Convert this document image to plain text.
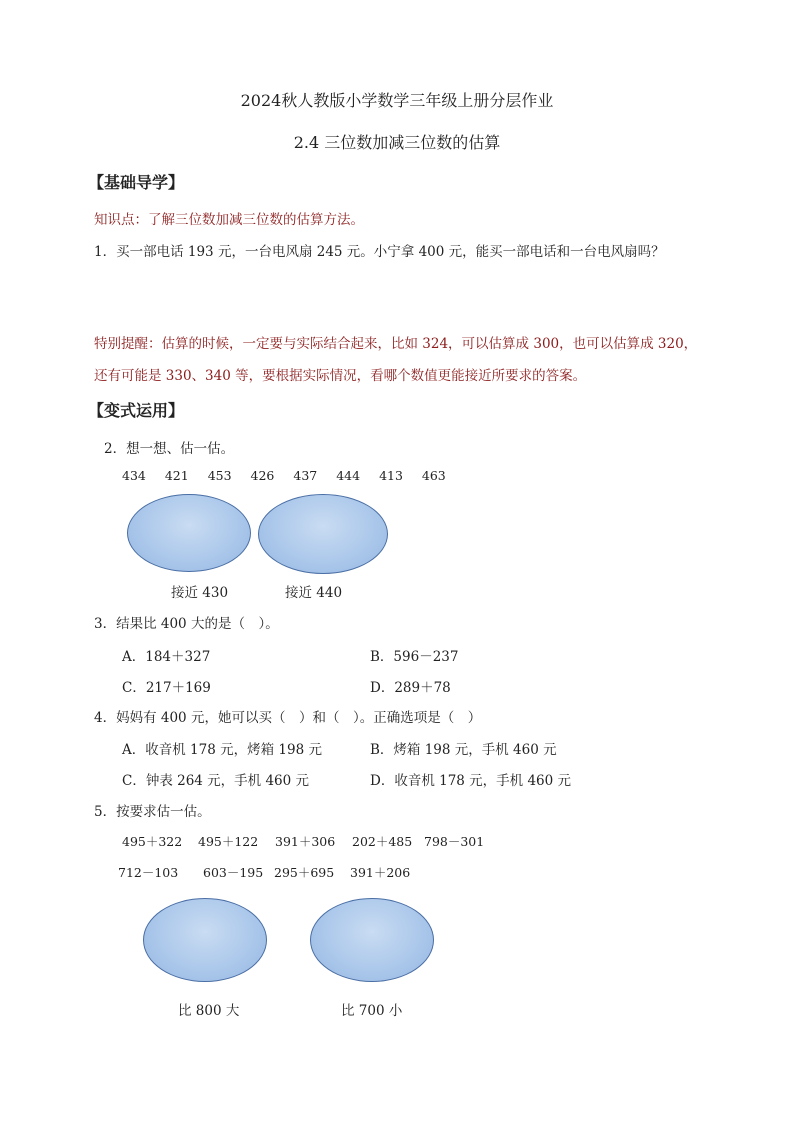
2024秋人教版小学数学三年级上册分层作业
2.4 三位数加减三位数的估算
【基础导学】
知识点：了解三位数加减三位数的估算方法。
1．买一部电话 193 元，一台电风扇 245 元。小宁拿 400 元，能买一部电话和一台电风扇吗？
特别提醒：估算的时候，一定要与实际结合起来，比如 324，可以估算成 300，也可以估算成 320，
还有可能是 330、340 等，要根据实际情况，看哪个数值更能接近所要求的答案。
【变式运用】
2．想一想、估一估。
434 421 453 426 437 444 413 463
接近 430	接近 440
3．结果比 400 大的是（　）。
A．184＋327	B．596－237
C．217＋169	D．289＋78
4．妈妈有 400 元，她可以买（　）和（　）。正确选项是（　）
A．收音机 178 元，烤箱 198 元	B．烤箱 198 元，手机 460 元
C．钟表 264 元，手机 460 元	D．收音机 178 元，手机 460 元
5．按要求估一估。
495＋322 495＋122 391＋306 202＋485 798－301
712－103 603－195 295＋695 391＋206
比 800 大	比 700 小
